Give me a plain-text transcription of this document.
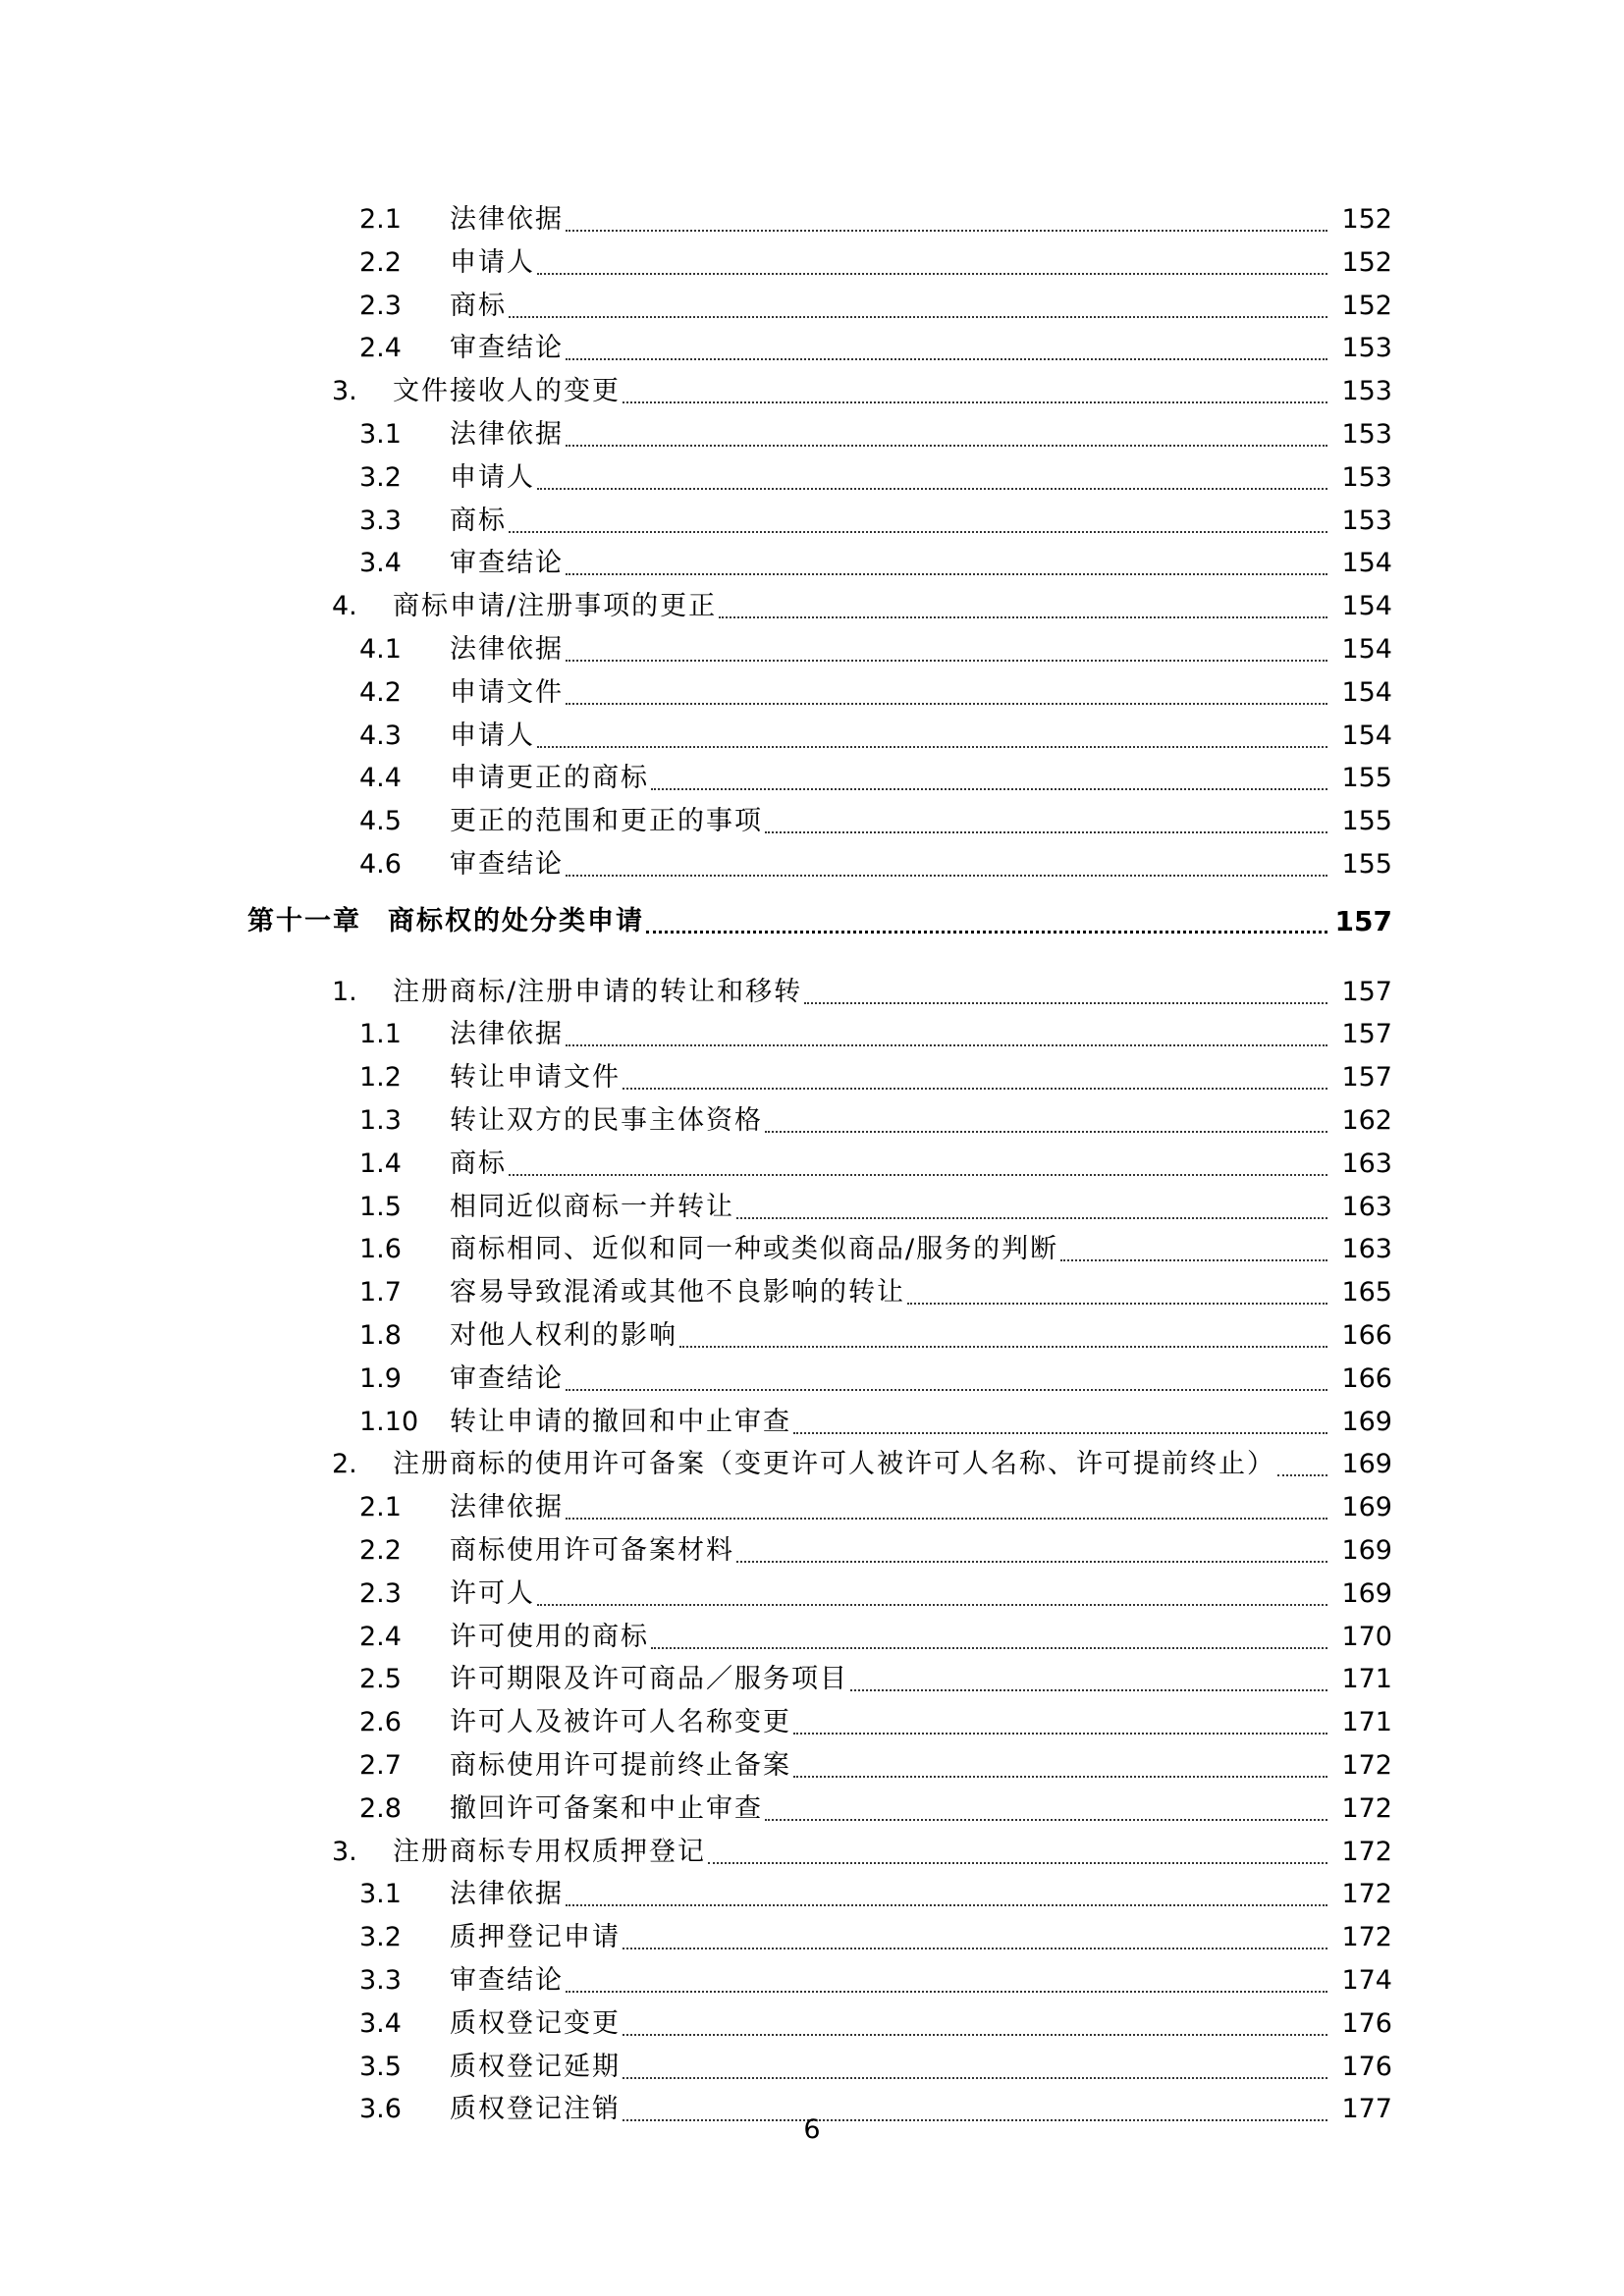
2.1 法律依据	152
2.2 申请人	152
2.3 商标	152
2.4 审查结论	153
3. 文件接收人的变更	153
3.1 法律依据	153
3.2 申请人	153
3.3 商标	153
3.4 审查结论	154
4. 商标申请/注册事项的更正	154
4.1 法律依据	154
4.2 申请文件	154
4.3 申请人	154
4.4 申请更正的商标	155
4.5 更正的范围和更正的事项	155
4.6 审查结论	155
第十一章 商标权的处分类申请	157
1. 注册商标/注册申请的转让和移转	157
1.1 法律依据	157
1.2 转让申请文件	157
1.3 转让双方的民事主体资格	162
1.4 商标	163
1.5 相同近似商标一并转让	163
1.6 商标相同、近似和同一种或类似商品/服务的判断	163
1.7 容易导致混淆或其他不良影响的转让	165
1.8 对他人权利的影响	166
1.9 审查结论	166
1.10 转让申请的撤回和中止审查	169
2. 注册商标的使用许可备案（变更许可人被许可人名称、许可提前终止）	169
2.1 法律依据	169
2.2 商标使用许可备案材料	169
2.3 许可人	169
2.4 许可使用的商标	170
2.5 许可期限及许可商品／服务项目	171
2.6 许可人及被许可人名称变更	171
2.7 商标使用许可提前终止备案	172
2.8 撤回许可备案和中止审查	172
3. 注册商标专用权质押登记	172
3.1 法律依据	172
3.2 质押登记申请	172
3.3 审查结论	174
3.4 质权登记变更	176
3.5 质权登记延期	176
3.6 质权登记注销	177
6
